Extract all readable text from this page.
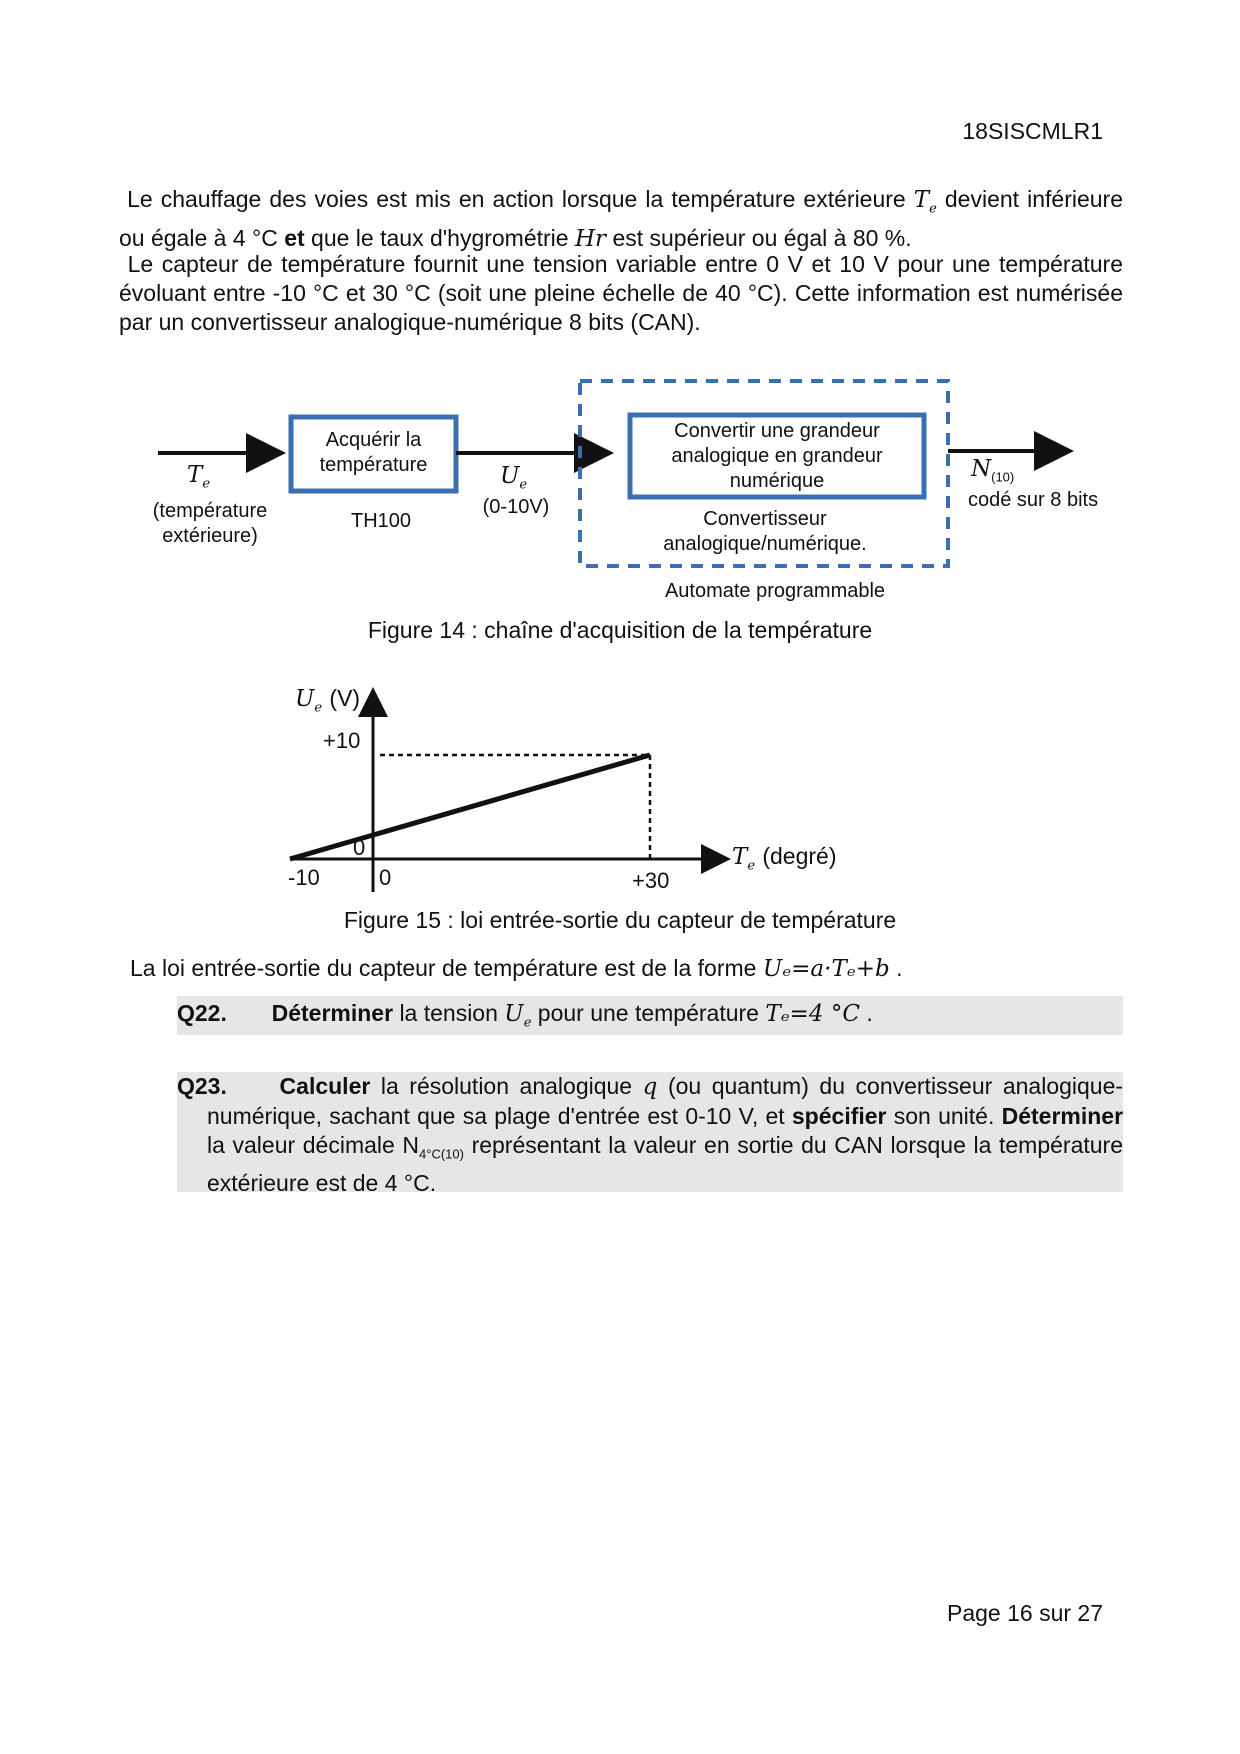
18SISCMLR1
Le chauffage des voies est mis en action lorsque la température extérieure $T_e$ devient inférieure ou égale à 4 °C et que le taux d'hygrométrie Hr est supérieur ou égal à 80 %.
Le capteur de température fournit une tension variable entre 0 V et 10 V pour une température évoluant entre -10 °C et 30 °C (soit une pleine échelle de 40 °C). Cette information est numérisée par un convertisseur analogique-numérique 8 bits (CAN).
$T_e$
(température
extérieure)
Acquérir la
température
TH100
$U_e$
(0-10V)
Convertir une grandeur
analogique en grandeur
numérique
Convertisseur
analogique/numérique.
Automate programmable
$N_{(10)}$
codé sur 8 bits
Figure 14 : chaîne d'acquisition de la température
$U_e$ (V)
+10
0
-10	0	+30
$T_e$ (degré)
Figure 15 : loi entrée-sortie du capteur de température
La loi entrée-sortie du capteur de température est de la forme Uₑ=a·Tₑ+b .
Q22. Déterminer la tension $U_e$ pour une température Tₑ=4 °C .
Q23. Calculer la résolution analogique q (ou quantum) du convertisseur analogique-numérique, sachant que sa plage d'entrée est 0-10 V, et spécifier son unité. Déterminer la valeur décimale $N_{4^\circ C(10)}$ représentant la valeur en sortie du CAN lorsque la température extérieure est de 4 °C.
Page 16 sur 27
